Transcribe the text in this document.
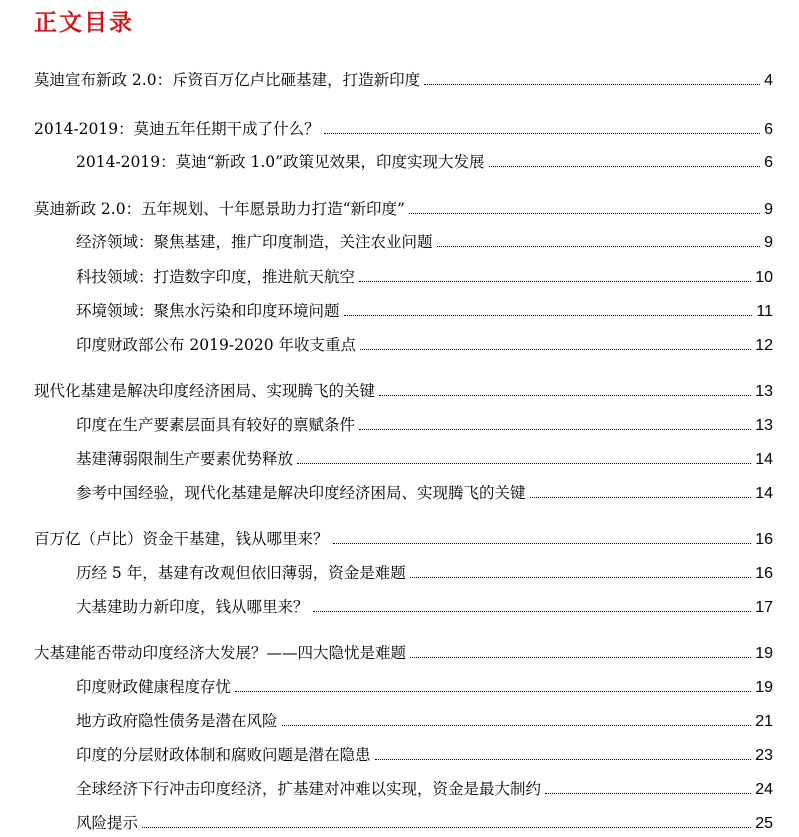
正文目录
莫迪宣布新政 2.0：斥资百万亿卢比砸基建，打造新印度	4
2014-2019：莫迪五年任期干成了什么？	6
2014-2019：莫迪“新政 1.0”政策见效果，印度实现大发展	6
莫迪新政 2.0：五年规划、十年愿景助力打造“新印度”	9
经济领域：聚焦基建，推广印度制造，关注农业问题	9
科技领域：打造数字印度，推进航天航空	10
环境领域：聚焦水污染和印度环境问题	11
印度财政部公布 2019-2020 年收支重点	12
现代化基建是解决印度经济困局、实现腾飞的关键	13
印度在生产要素层面具有较好的禀赋条件	13
基建薄弱限制生产要素优势释放	14
参考中国经验，现代化基建是解决印度经济困局、实现腾飞的关键	14
百万亿（卢比）资金干基建，钱从哪里来？	16
历经 5 年，基建有改观但依旧薄弱，资金是难题	16
大基建助力新印度，钱从哪里来？	17
大基建能否带动印度经济大发展？——四大隐忧是难题	19
印度财政健康程度存忧	19
地方政府隐性债务是潜在风险	21
印度的分层财政体制和腐败问题是潜在隐患	23
全球经济下行冲击印度经济，扩基建对冲难以实现，资金是最大制约	24
风险提示	25
